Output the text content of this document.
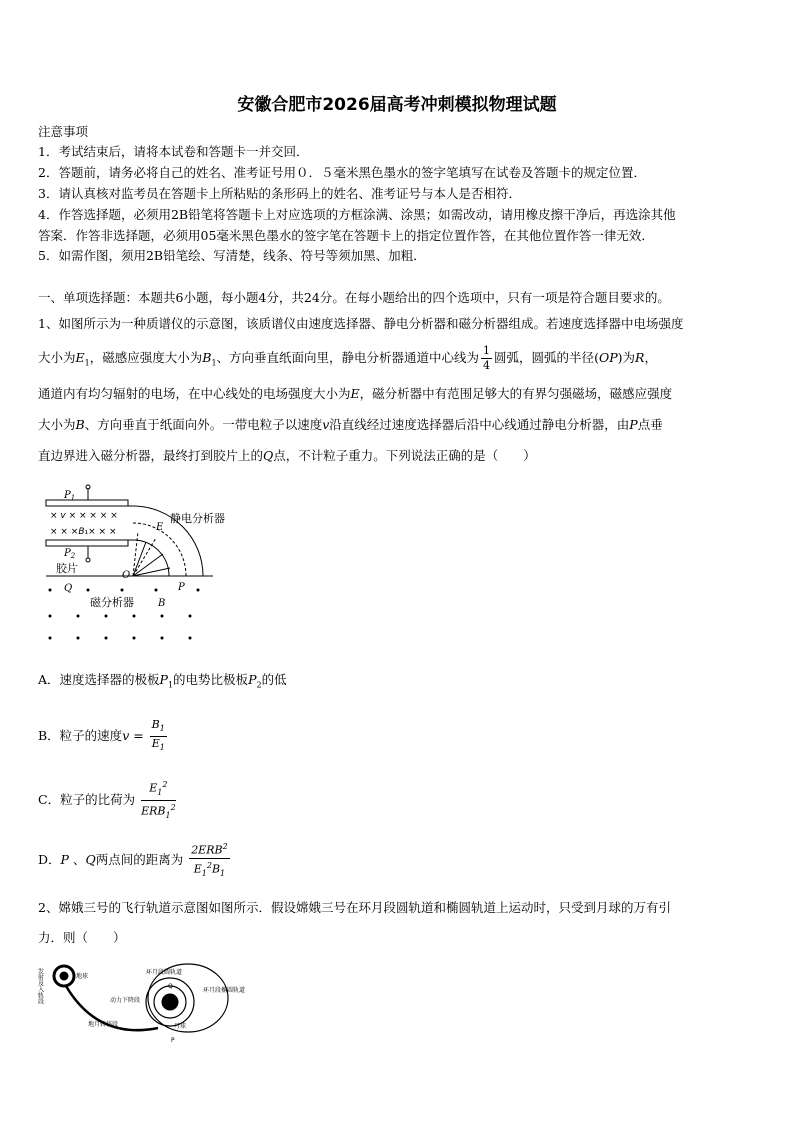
安徽合肥市2026届高考冲刺模拟物理试题
注意事项
1．考试结束后，请将本试卷和答题卡一并交回．
2．答题前，请务必将自己的姓名、准考证号用０．５毫米黑色墨水的签字笔填写在试卷及答题卡的规定位置．
3．请认真核对监考员在答题卡上所粘贴的条形码上的姓名、准考证号与本人是否相符．
4．作答选择题，必须用2B铅笔将答题卡上对应选项的方框涂满、涂黑；如需改动，请用橡皮擦干净后，再选涂其他
答案．作答非选择题，必须用05毫米黑色墨水的签字笔在答题卡上的指定位置作答，在其他位置作答一律无效．
5．如需作图，须用2B铅笔绘、写清楚，线条、符号等须加黑、加粗．
一、单项选择题：本题共6小题，每小题4分，共24分。在每小题给出的四个选项中，只有一项是符合题目要求的。
1、如图所示为一种质谱仪的示意图，该质谱仪由速度选择器、静电分析器和磁分析器组成。若速度选择器中电场强度
大小为$E_1$，磁感应强度大小为$B_1$、方向垂直纸面向里，静电分析器通道中心线为 $\frac{1}{4}$ 圆弧，圆弧的半径(OP)为R，
通道内有均匀辐射的电场，在中心线处的电场强度大小为E，磁分析器中有范围足够大的有界匀强磁场，磁感应强度
大小为B、方向垂直于纸面向外。一带电粒子以速度v沿直线经过速度选择器后沿中心线通过静电分析器，由P点垂
直边界进入磁分析器，最终打到胶片上的Q点，不计粒子重力。下列说法正确的是（　　）
× v × × × × ×
× × ×B₁× × ×
$P_1$
$P_2$
E
静电分析器
胶片
O
Q	P
磁分析器 B
A．速度选择器的极板$P_1$的电势比极板$P_2$的低
B．粒子的速度$v = \frac{B_1}{E_1}$
C．粒子的比荷为 $\frac{E_1^2}{ERB_1^2}$
D．P 、Q两点间的距离为 $\frac{2ERB^2}{E_1^2B_1}$
2、嫦娥三号的飞行轨道示意图如图所示．假设嫦娥三号在环月段圆轨道和椭圆轨道上运动时，只受到月球的万有引
力．则（　　）
发射及入轨段	地球
环月段圆轨道
环月段椭圆轨道
动力下降段
地月转移段	月球
Q
P
